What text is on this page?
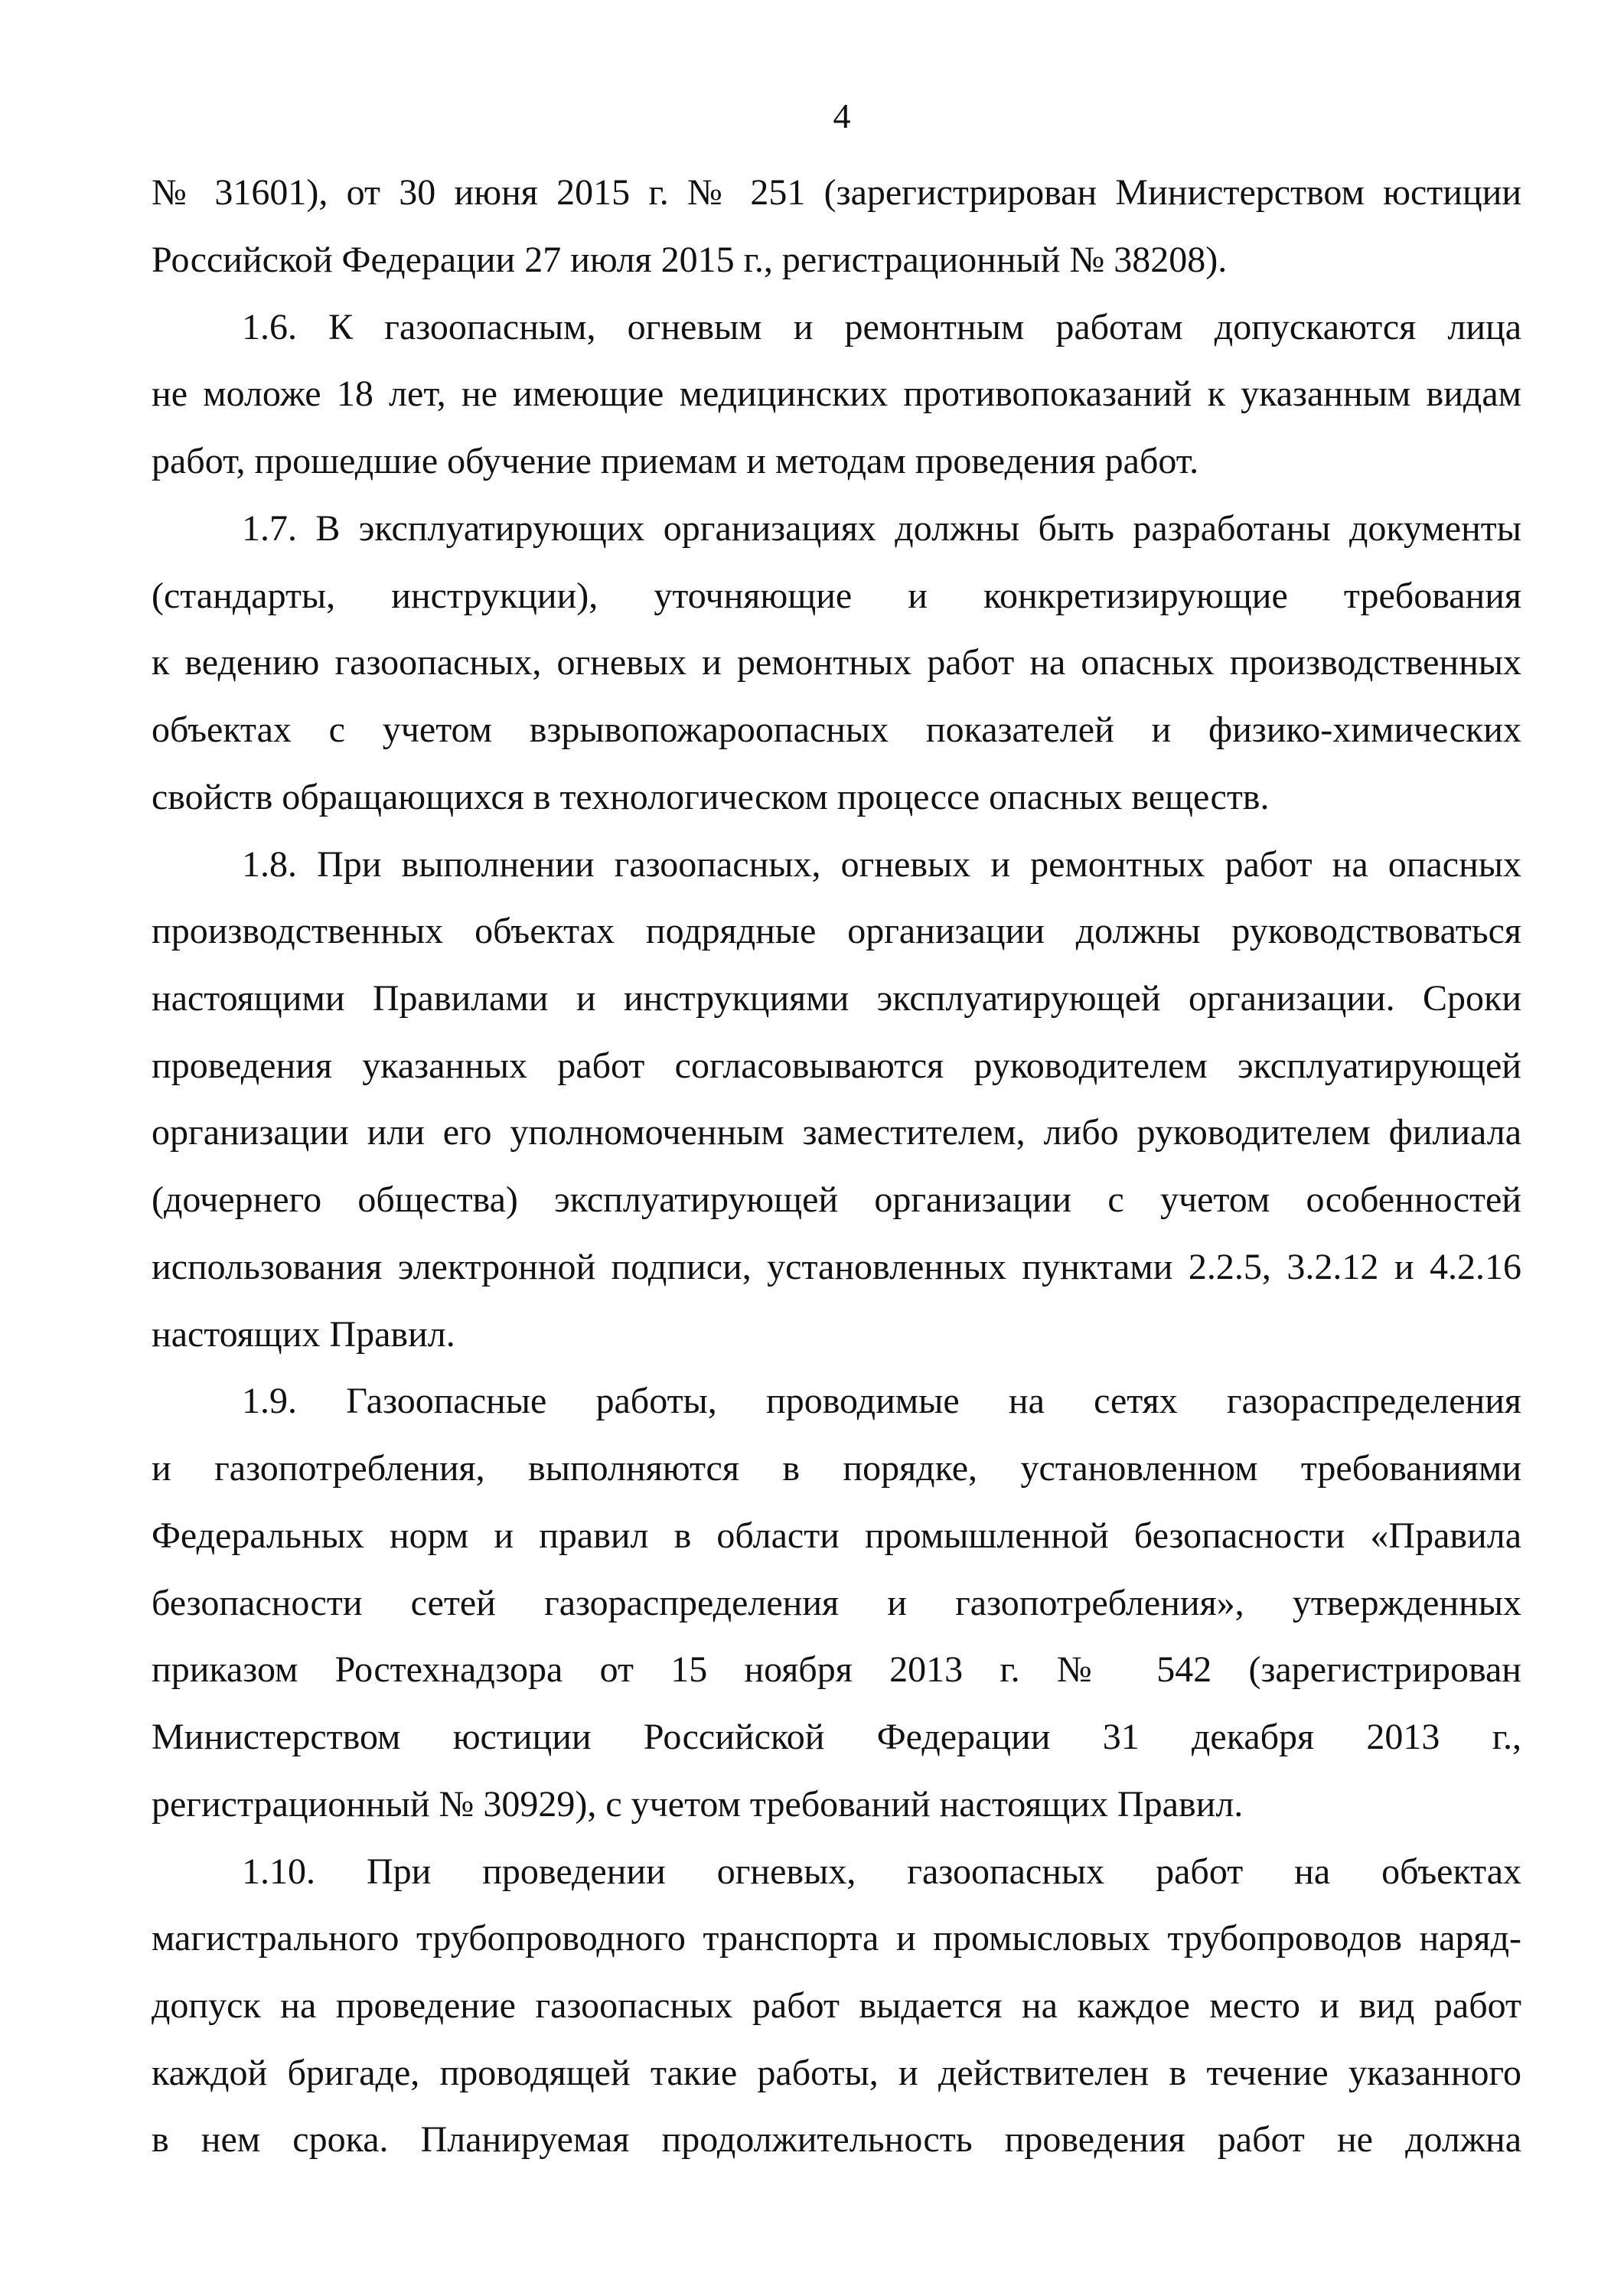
4
№ 31601), от 30 июня 2015 г. № 251 (зарегистрирован Министерством юстиции
Российской Федерации 27 июля 2015 г., регистрационный № 38208).
1.6. К газоопасным, огневым и ремонтным работам допускаются лица
не моложе 18 лет, не имеющие медицинских противопоказаний к указанным видам
работ, прошедшие обучение приемам и методам проведения работ.
1.7. В эксплуатирующих организациях должны быть разработаны документы
(стандарты, инструкции), уточняющие и конкретизирующие требования
к ведению газоопасных, огневых и ремонтных работ на опасных производственных
объектах с учетом взрывопожароопасных показателей и физико-химических
свойств обращающихся в технологическом процессе опасных веществ.
1.8. При выполнении газоопасных, огневых и ремонтных работ на опасных
производственных объектах подрядные организации должны руководствоваться
настоящими Правилами и инструкциями эксплуатирующей организации. Сроки
проведения указанных работ согласовываются руководителем эксплуатирующей
организации или его уполномоченным заместителем, либо руководителем филиала
(дочернего общества) эксплуатирующей организации с учетом особенностей
использования электронной подписи, установленных пунктами 2.2.5, 3.2.12 и 4.2.16
настоящих Правил.
1.9. Газоопасные работы, проводимые на сетях газораспределения
и газопотребления, выполняются в порядке, установленном требованиями
Федеральных норм и правил в области промышленной безопасности «Правила
безопасности сетей газораспределения и газопотребления», утвержденных
приказом Ростехнадзора от 15 ноября 2013 г. № 542 (зарегистрирован
Министерством юстиции Российской Федерации 31 декабря 2013 г.,
регистрационный № 30929), с учетом требований настоящих Правил.
1.10. При проведении огневых, газоопасных работ на объектах
магистрального трубопроводного транспорта и промысловых трубопроводов наряд-
допуск на проведение газоопасных работ выдается на каждое место и вид работ
каждой бригаде, проводящей такие работы, и действителен в течение указанного
в нем срока. Планируемая продолжительность проведения работ не должна
